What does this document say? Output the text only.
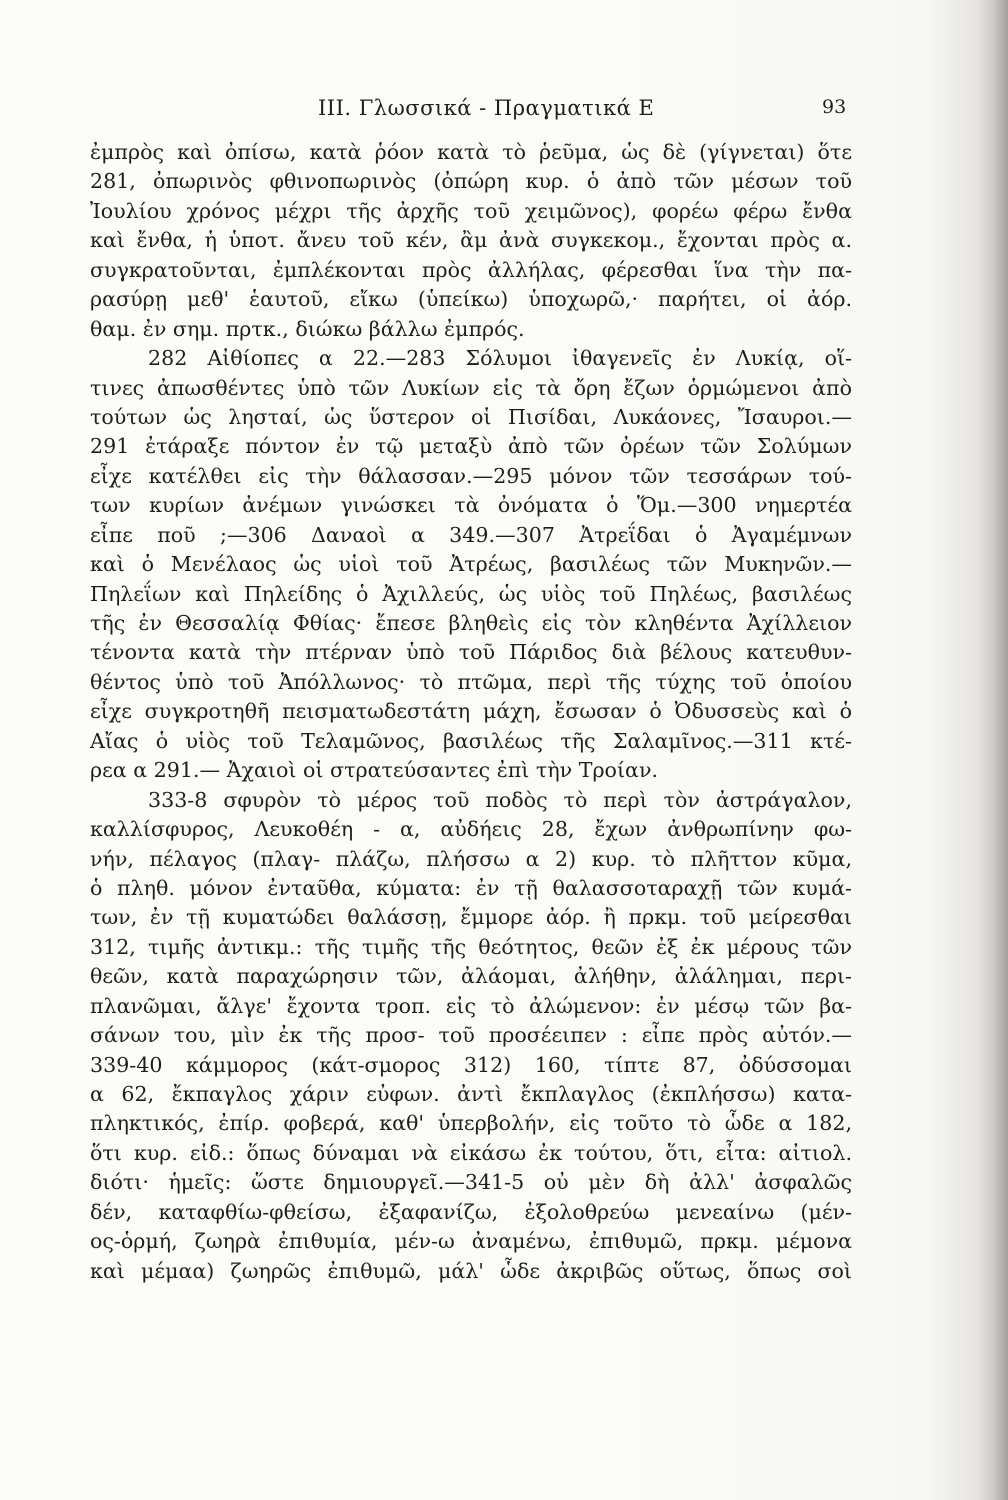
III. Γλωσσικά - Πραγματικά Ε	93
ἐμπρὸς καὶ ὀπίσω, κατὰ ῥόον κατὰ τὸ ῥεῦμα, ὡς δὲ (γίγνεται) ὅτε
281, ὀπωρινὸς φθινοπωρινὸς (ὀπώρη κυρ. ὁ ἀπὸ τῶν μέσων τοῦ
Ἰουλίου χρόνος μέχρι τῆς ἀρχῆς τοῦ χειμῶνος), φορέω φέρω ἔνθα
καὶ ἔνθα, ἡ ὑποτ. ἄνευ τοῦ κέν, ἂμ ἀνὰ συγκεκομ., ἔχονται πρὸς α.
συγκρατοῦνται, ἐμπλέκονται πρὸς ἀλλήλας, φέρεσθαι ἵνα τὴν πα-
ρασύρῃ μεθ' ἑαυτοῦ, εἴκω (ὑπείκω) ὑποχωρῶ,· παρήτει, οἱ ἀόρ.
θαμ. ἐν σημ. πρτκ., διώκω βάλλω ἐμπρός.
282 Αἰθίοπες α 22.—283 Σόλυμοι ἰθαγενεῖς ἐν Λυκίᾳ, οἵ-
τινες ἀπωσθέντες ὑπὸ τῶν Λυκίων εἰς τὰ ὄρη ἔζων ὁρμώμενοι ἀπὸ
τούτων ὡς λησταί, ὡς ὕστερον οἱ Πισίδαι, Λυκάονες, Ἴσαυροι.—
291 ἐτάραξε πόντον ἐν τῷ μεταξὺ ἀπὸ τῶν ὀρέων τῶν Σολύμων
εἶχε κατέλθει εἰς τὴν θάλασσαν.—295 μόνον τῶν τεσσάρων τού-
των κυρίων ἀνέμων γινώσκει τὰ ὀνόματα ὁ Ὅμ.—300 νημερτέα
εἶπε ποῦ ;—306 Δαναοὶ α 349.—307 Ἀτρεΐδαι ὁ Ἀγαμέμνων
καὶ ὁ Μενέλαος ὡς υἱοὶ τοῦ Ἀτρέως, βασιλέως τῶν Μυκηνῶν.—
Πηλεΐων καὶ Πηλείδης ὁ Ἀχιλλεύς, ὡς υἱὸς τοῦ Πηλέως, βασιλέως
τῆς ἐν Θεσσαλίᾳ Φθίας· ἔπεσε βληθεὶς εἰς τὸν κληθέντα Ἀχίλλειον
τένοντα κατὰ τὴν πτέρναν ὑπὸ τοῦ Πάριδος διὰ βέλους κατευθυν-
θέντος ὑπὸ τοῦ Ἀπόλλωνος· τὸ πτῶμα, περὶ τῆς τύχης τοῦ ὁποίου
εἶχε συγκροτηθῆ πεισματωδεστάτη μάχη, ἔσωσαν ὁ Ὀδυσσεὺς καὶ ὁ
Αἴας ὁ υἱὸς τοῦ Τελαμῶνος, βασιλέως τῆς Σαλαμῖνος.—311 κτέ-
ρεα α 291.— Ἀχαιοὶ οἱ στρατεύσαντες ἐπὶ τὴν Τροίαν.
333-8 σφυρὸν τὸ μέρος τοῦ ποδὸς τὸ περὶ τὸν ἀστράγαλον,
καλλίσφυρος, Λευκοθέη - α, αὐδήεις 28, ἔχων ἀνθρωπίνην φω-
νήν, πέλαγος (πλαγ- πλάζω, πλήσσω α 2) κυρ. τὸ πλῆττον κῦμα,
ὁ πληθ. μόνον ἐνταῦθα, κύματα: ἐν τῇ θαλασσοταραχῇ τῶν κυμά-
των, ἐν τῇ κυματώδει θαλάσσῃ, ἔμμορε ἀόρ. ἢ πρκμ. τοῦ μείρεσθαι
312, τιμῆς ἀντικμ.: τῆς τιμῆς τῆς θεότητος, θεῶν ἐξ ἐκ μέρους τῶν
θεῶν, κατὰ παραχώρησιν τῶν, ἀλάομαι, ἀλήθην, ἀλάλημαι, περι-
πλανῶμαι, ἄλγε' ἔχοντα τροπ. εἰς τὸ ἀλώμενον: ἐν μέσῳ τῶν βα-
σάνων του, μὶν ἐκ τῆς προσ- τοῦ προσέειπεν : εἶπε πρὸς αὐτόν.—
339-40 κάμμορος (κάτ-σμορος 312) 160, τίπτε 87, ὀδύσσομαι
α 62, ἔκπαγλος χάριν εὐφων. ἀντὶ ἔκπλαγλος (ἐκπλήσσω) κατα-
πληκτικός, ἐπίρ. φοβερά, καθ' ὑπερβολήν, εἰς τοῦτο τὸ ὧδε α 182,
ὅτι κυρ. εἰδ.: ὅπως δύναμαι νὰ εἰκάσω ἐκ τούτου, ὅτι, εἶτα: αἰτιολ.
διότι· ἡμεῖς: ὥστε δημιουργεῖ.—341-5 οὐ μὲν δὴ ἀλλ' ἀσφαλῶς
δέν, καταφθίω-φθείσω, ἐξαφανίζω, ἐξολοθρεύω μενεαίνω (μέν-
ος-ὁρμή, ζωηρὰ ἐπιθυμία, μέν-ω ἀναμένω, ἐπιθυμῶ, πρκμ. μέμονα
καὶ μέμαα) ζωηρῶς ἐπιθυμῶ, μάλ' ὧδε ἀκριβῶς οὕτως, ὅπως σοὶ
